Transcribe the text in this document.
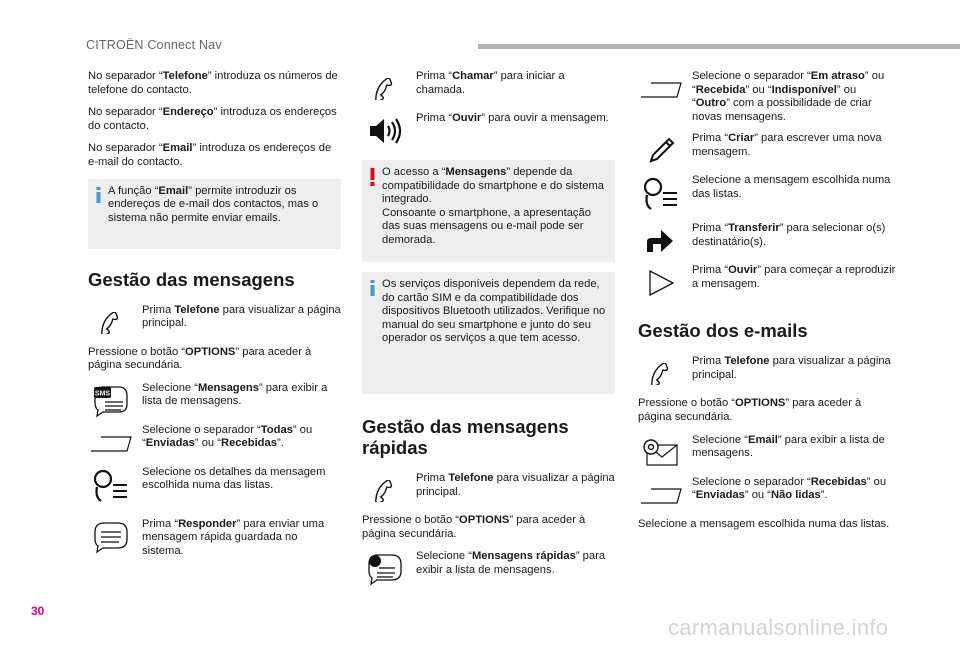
CITROËN Connect Nav
30
carmanualsonline.info

No separador “Telefone” introduza os números de telefone do contacto.

No separador “Endereço” introduza os endereços do contacto.

No separador “Email” introduza os endereços de e-mail do contacto.

A função “Email” permite introduzir os endereços de e-mail dos contactos, mas o sistema não permite enviar emails.
Gestão das mensagens
Prima Telefone para visualizar a página principal.

Pressione o botão “OPTIONS” para aceder à página secundária.

SMS	Selecione “Mensagens” para exibir a lista de mensagens.
Selecione o separador “Todas” ou “Enviadas” ou “Recebidas”.
Selecione os detalhes da mensagem escolhida numa das listas.
Prima “Responder” para enviar uma mensagem rápida guardada no sistema.
Prima “Chamar” para iniciar a chamada.
Prima “Ouvir” para ouvir a mensagem.
O acesso a “Mensagens” depende da compatibilidade do smartphone e do sistema integrado.
Consoante o smartphone, a apresentação das suas mensagens ou e-mail pode ser demorada.
Os serviços disponíveis dependem da rede, do cartão SIM e da compatibilidade dos dispositivos Bluetooth utilizados. Verifique no manual do seu smartphone e junto do seu operador os serviços a que tem acesso.
Gestão das mensagens rápidas
Prima Telefone para visualizar a página principal.

Pressione o botão “OPTIONS” para aceder à página secundária.

Selecione “Mensagens rápidas” para exibir a lista de mensagens.
Selecione o separador “Em atraso” ou “Recebida” ou “Indisponível” ou “Outro” com a possibilidade de criar novas mensagens.
Prima “Criar” para escrever uma nova mensagem.
Selecione a mensagem escolhida numa das listas.
Prima “Transferir” para selecionar o(s) destinatário(s).
Prima “Ouvir” para começar a reproduzir a mensagem.
Gestão dos e-mails
Prima Telefone para visualizar a página principal.

Pressione o botão “OPTIONS” para aceder à página secundária.

Selecione “Email” para exibir a lista de mensagens.
Selecione o separador “Recebidas” ou “Enviadas” ou “Não lidas”.

Selecione a mensagem escolhida numa das listas.
